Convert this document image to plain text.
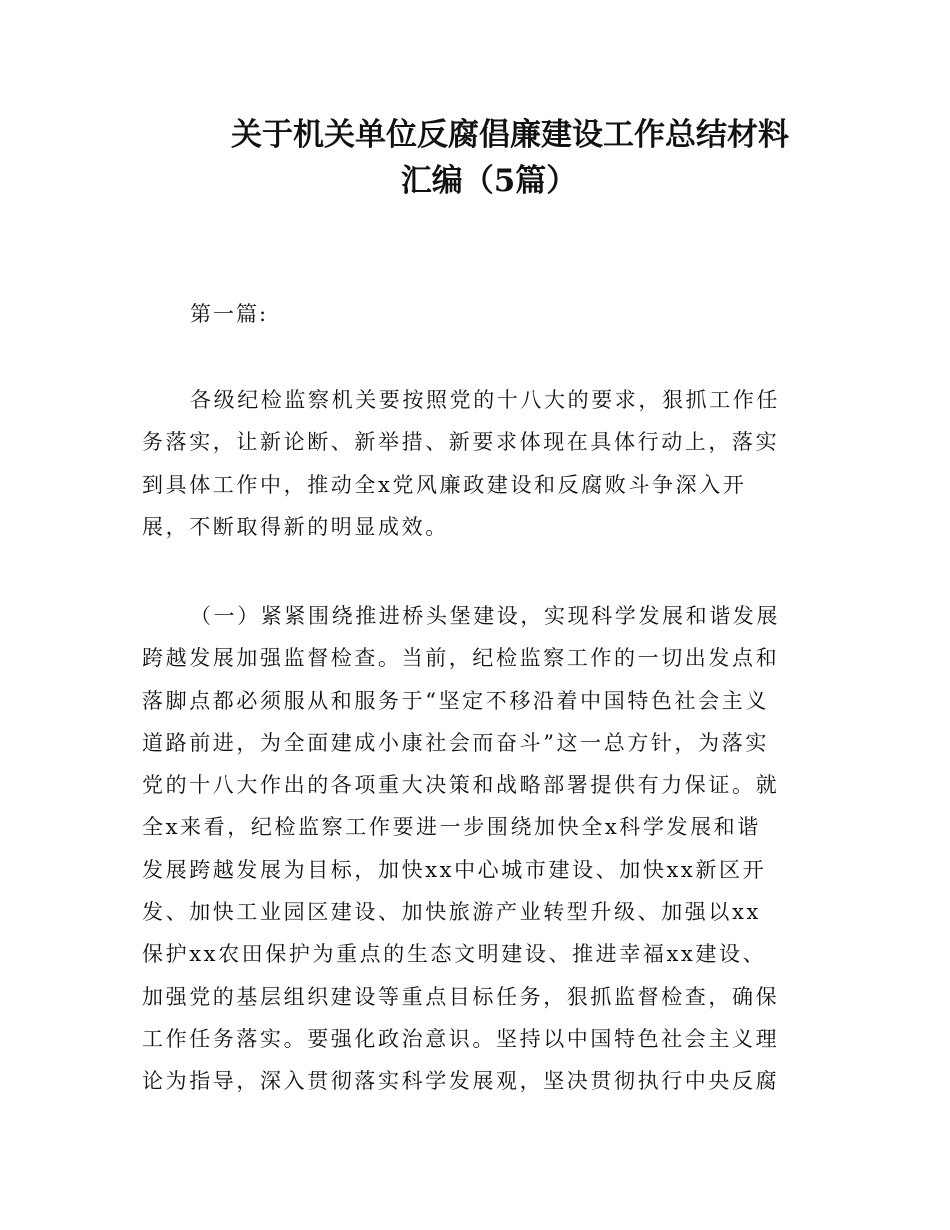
关于机关单位反腐倡廉建设工作总结材料
汇编（5篇）
第一篇:
各级纪检监察机关要按照党的十八大的要求，狠抓工作任
务落实，让新论断、新举措、新要求体现在具体行动上，落实
到具体工作中，推动全x党风廉政建设和反腐败斗争深入开
展，不断取得新的明显成效。
（一）紧紧围绕推进桥头堡建设，实现科学发展和谐发展
跨越发展加强监督检查。当前，纪检监察工作的一切出发点和
落脚点都必须服从和服务于“坚定不移沿着中国特色社会主义
道路前进，为全面建成小康社会而奋斗”这一总方针，为落实
党的十八大作出的各项重大决策和战略部署提供有力保证。就
全x来看，纪检监察工作要进一步围绕加快全x科学发展和谐
发展跨越发展为目标，加快xx中心城市建设、加快xx新区开
发、加快工业园区建设、加快旅游产业转型升级、加强以xx
保护xx农田保护为重点的生态文明建设、推进幸福xx建设、
加强党的基层组织建设等重点目标任务，狠抓监督检查，确保
工作任务落实。要强化政治意识。坚持以中国特色社会主义理
论为指导，深入贯彻落实科学发展观，坚决贯彻执行中央反腐
